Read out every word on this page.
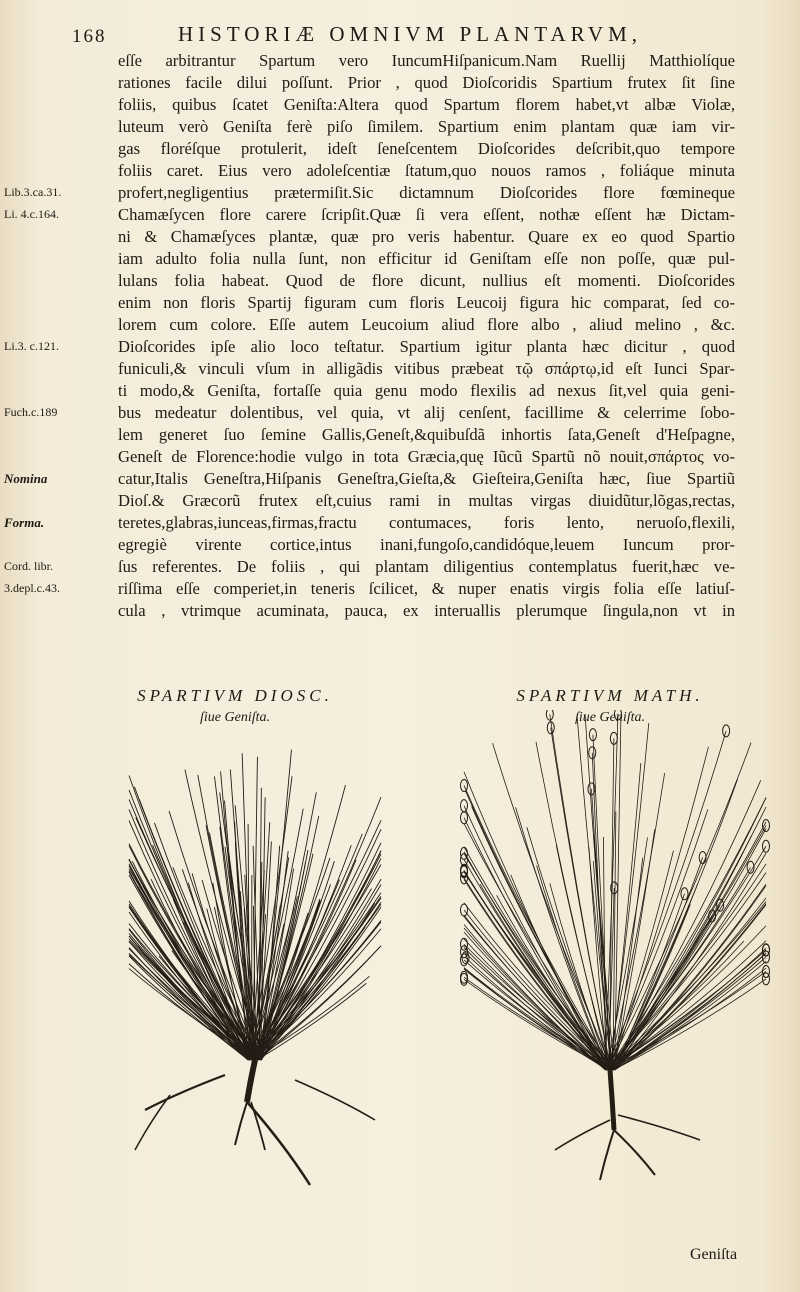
168	HISTORIÆ OMNIVM PLANTARVM,
Lib.3.ca.31.
Li. 4.c.164.
Li.3. c.121.
Fuch.c.189
Nomina
Forma.
Cord. libr.
3.depl.c.43.
eſſe arbitrantur Spartum vero IuncumHiſpanicum.Nam Ruellij Matthiolíque
rationes facile dilui poſſunt. Prior , quod Dioſcoridis Spartium frutex ſit ſine
foliis, quibus ſcatet Geniſta:Altera quod Spartum florem habet,vt albæ Violæ,
luteum verò Geniſta ferè piſo ſimilem. Spartium enim plantam quæ iam vir-
gas floréſque protulerit, ideſt ſeneſcentem Dioſcorides deſcribit,quo tempore
foliis caret. Eius vero adoleſcentiæ ſtatum,quo nouos ramos , foliáque minuta
profert,negligentius prætermiſit.Sic dictamnum Dioſcorides flore fœmineque
Chamæſycen flore carere ſcripſit.Quæ ſi vera eſſent, nothæ eſſent hæ Dictam-
ni & Chamæſyces plantæ, quæ pro veris habentur. Quare ex eo quod Spartio
iam adulto folia nulla ſunt, non efficitur id Geniſtam eſſe non poſſe, quæ pul-
lulans folia habeat. Quod de flore dicunt, nullius eſt momenti. Dioſcorides
enim non floris Spartij figuram cum floris Leucoij figura hic comparat, ſed co-
lorem cum colore. Eſſe autem Leucoium aliud flore albo , aliud melino , &c.
Dioſcorides ipſe alio loco teſtatur. Spartium igitur planta hæc dicitur , quod
funiculi,& vinculi vſum in alligãdis vitibus præbeat τῷ σπάρτῳ,id eſt Iunci Spar-
ti modo,& Geniſta, fortaſſe quia genu modo flexilis ad nexus ſit,vel quia geni-
bus medeatur dolentibus, vel quia, vt alij cenſent, facillime & celerrime ſobo-
lem generet ſuo ſemine Gallis,Geneſt,&quibuſdã inhortis ſata,Geneſt d'Heſpagne,
Geneſt de Florence:hodie vulgo in tota Græcia,quę Iũcũ Spartũ nõ nouit,σπάρτος vo-
catur,Italis Geneſtra,Hiſpanis Geneſtra,Gieſta,& Gieſteira,Geniſta hæc, ſiue Spartiũ
Dioſ.& Græcorũ frutex eſt,cuius rami in multas virgas diuidũtur,lõgas,rectas,
teretes,glabras,iunceas,firmas,fractu contumaces, foris lento, neruoſo,flexili,
egregiè virente cortice,intus inani,fungoſo,candidóque,leuem Iuncum pror-
ſus referentes. De foliis , qui plantam diligentius contemplatus fuerit,hæc ve-
riſſima eſſe comperiet,in teneris ſcilicet, & nuper enatis virgis folia eſſe latiuſ-
cula , vtrimque acuminata, pauca, ex interuallis plerumque ſingula,non vt in
SPARTIVM DIOSC.
ſiue Geniſta.
SPARTIVM MATH.
ſiue Geniſta.
Geniſta
